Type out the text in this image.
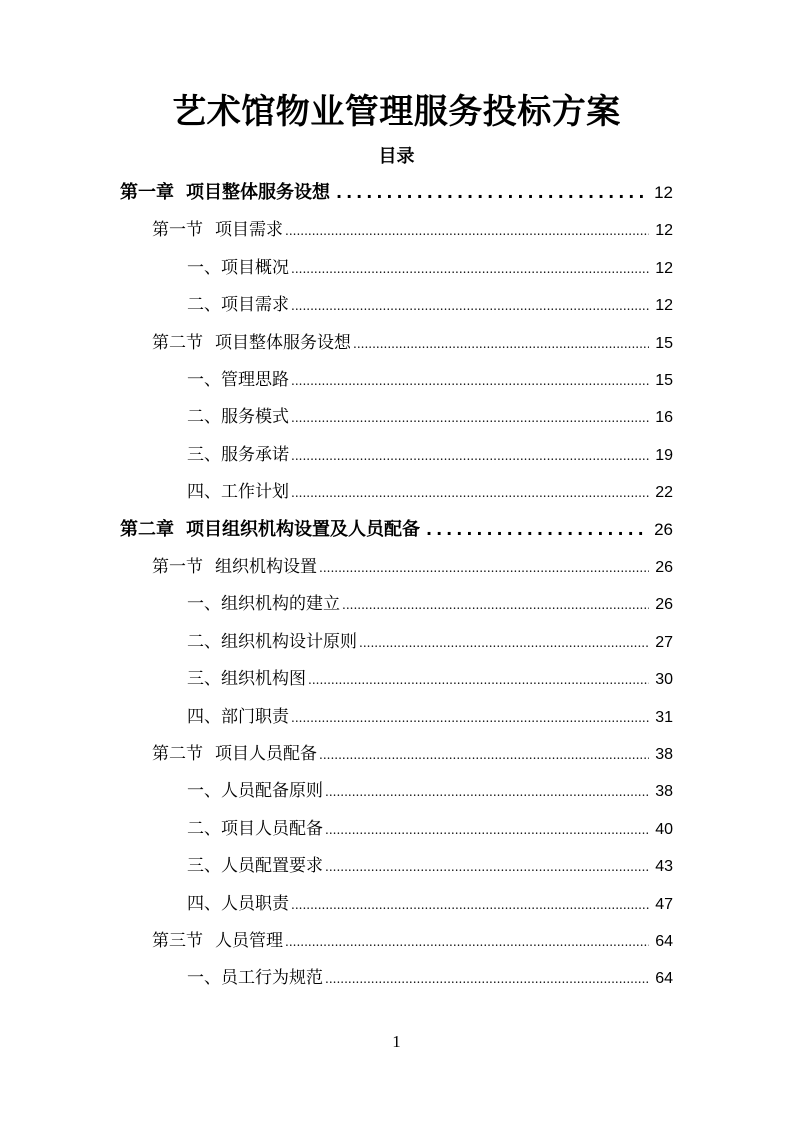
艺术馆物业管理服务投标方案
目录
第一章 项目整体服务设想 .....	12
第一节 项目需求 .....	12
一、项目概况 .....	12
二、项目需求 .....	12
第二节 项目整体服务设想 .....	15
一、管理思路 .....	15
二、服务模式 .....	16
三、服务承诺 .....	19
四、工作计划 .....	22
第二章 项目组织机构设置及人员配备 .....	26
第一节 组织机构设置 .....	26
一、组织机构的建立 .....	26
二、组织机构设计原则 .....	27
三、组织机构图 .....	30
四、部门职责 .....	31
第二节 项目人员配备 .....	38
一、人员配备原则 .....	38
二、项目人员配备 .....	40
三、人员配置要求 .....	43
四、人员职责 .....	47
第三节 人员管理 .....	64
一、员工行为规范 .....	64
1
